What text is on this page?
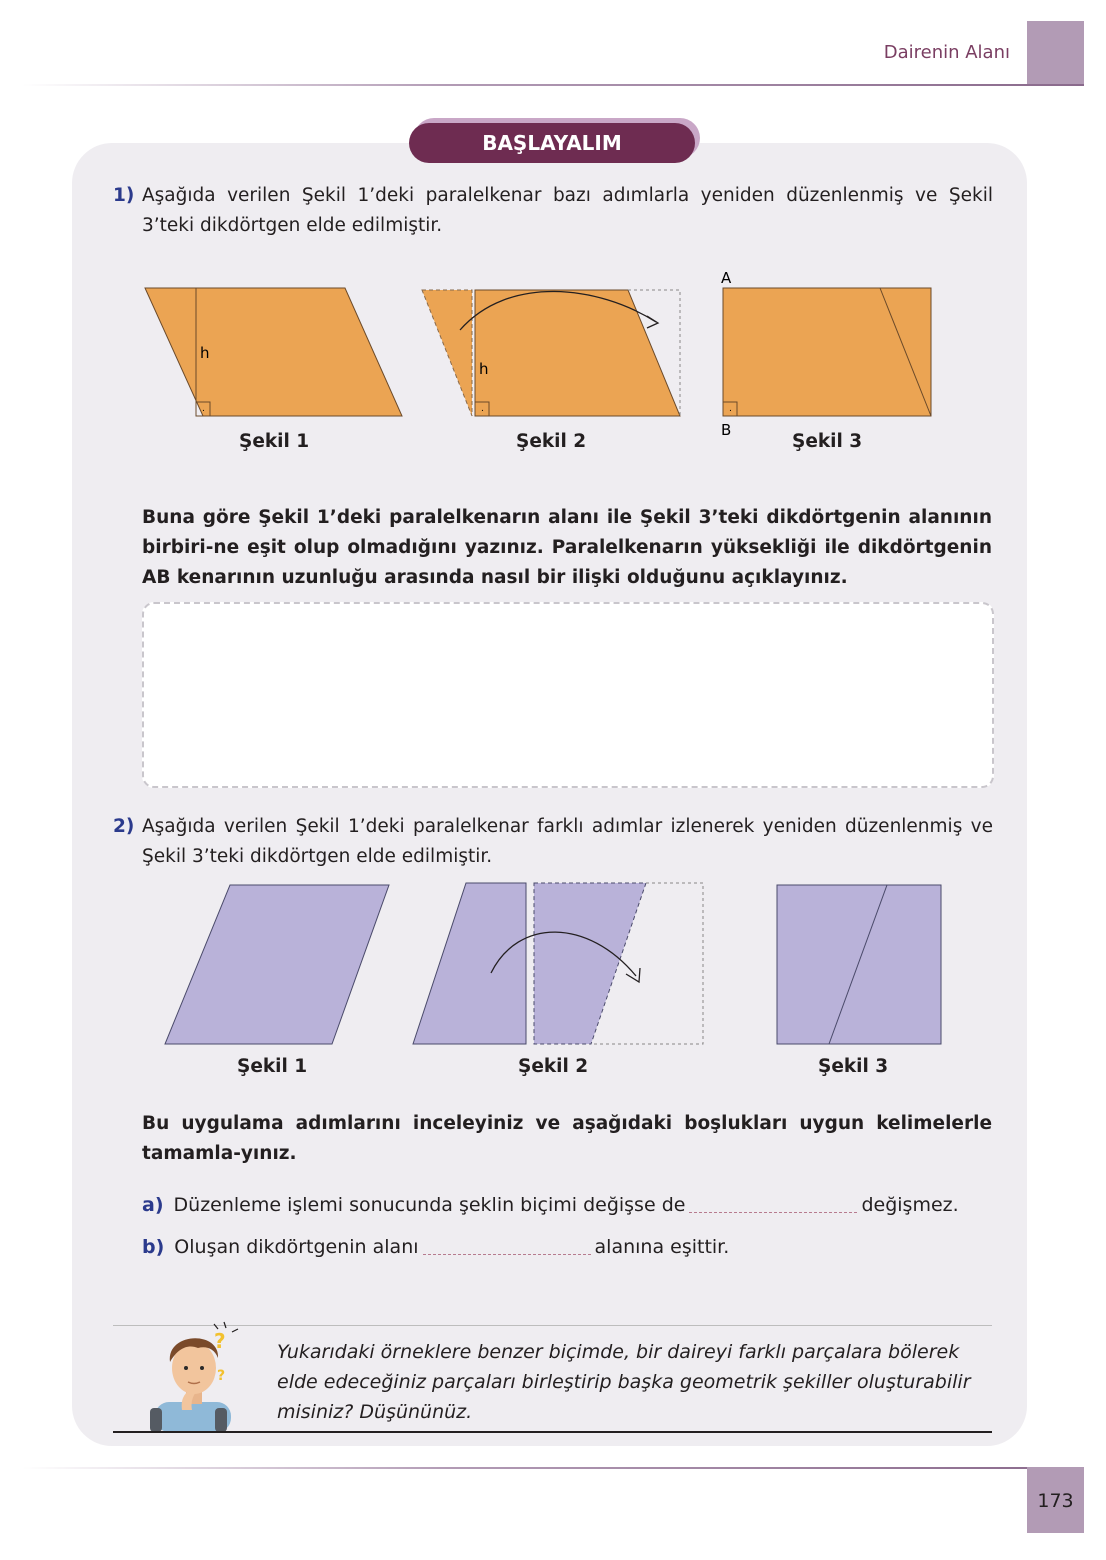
Dairenin Alanı
BAŞLAYALIM
1) Aşağıda verilen Şekil 1’deki paralelkenar bazı adımlarla yeniden düzenlenmiş ve Şekil 3’teki dikdörtgen elde edilmiştir.
.
h
.
h
A
.
B
Şekil 1	Şekil 2	Şekil 3
Buna göre Şekil 1’deki paralelkenarın alanı ile Şekil 3’teki dikdörtgenin alanının birbiri-ne eşit olup olmadığını yazınız. Paralelkenarın yüksekliği ile dikdörtgenin AB kenarının uzunluğu arasında nasıl bir ilişki olduğunu açıklayınız.
2) Aşağıda verilen Şekil 1’deki paralelkenar farklı adımlar izlenerek yeniden düzenlenmiş ve Şekil 3’teki dikdörtgen elde edilmiştir.
Şekil 1	Şekil 2	Şekil 3
Bu uygulama adımlarını inceleyiniz ve aşağıdaki boşlukları uygun kelimelerle tamamla-yınız.
a) Düzenleme işlemi sonucunda şeklin biçimi değişse de	değişmez.
b) Oluşan dikdörtgenin alanı	alanına eşittir.
?
?
Yukarıdaki örneklere benzer biçimde, bir daireyi farklı parçalara bölerek elde edeceğiniz parçaları birleştirip başka geometrik şekiller oluşturabilir misiniz? Düşününüz.
173
